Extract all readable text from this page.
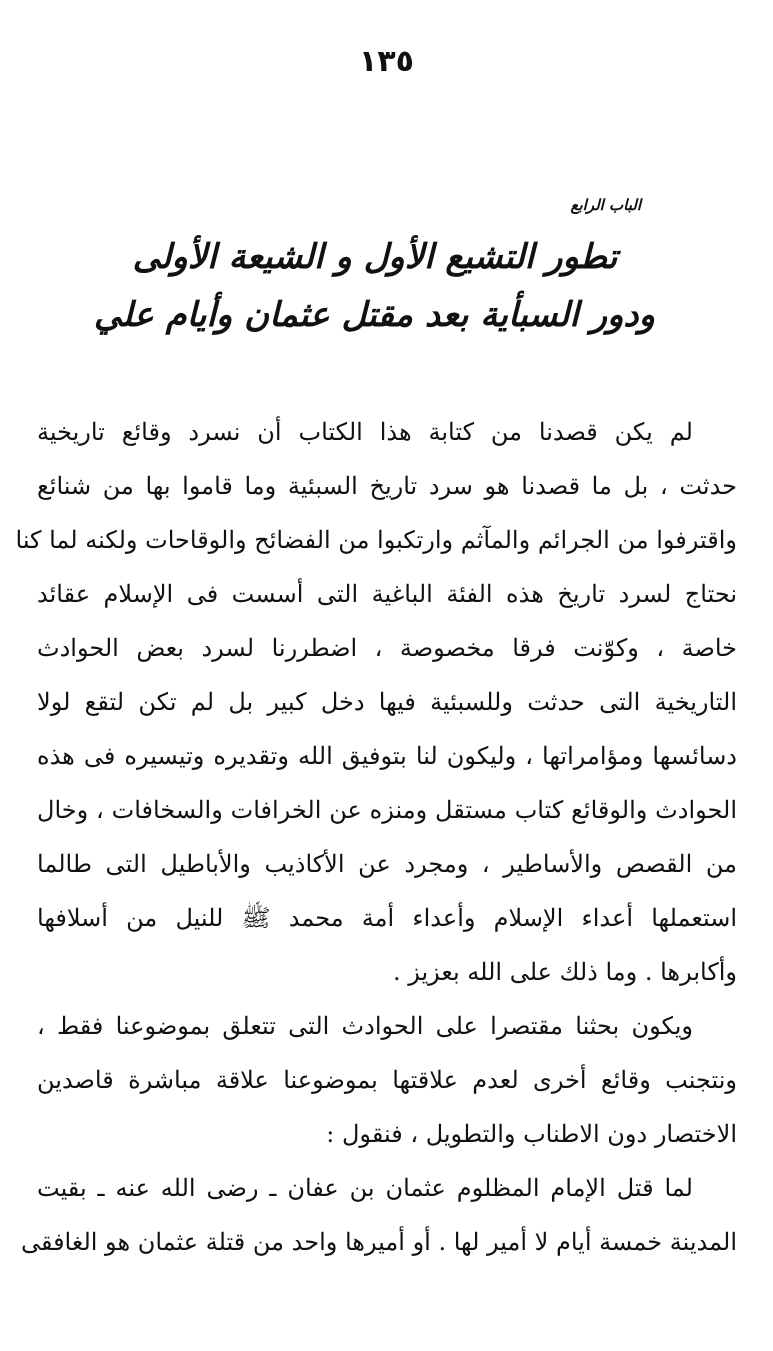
١٣٥
الباب الرابع
تطور التشيع الأول و الشيعة الأولى
ودور السبأية بعد مقتل عثمان وأيام علي
لم يكن قصدنا من كتابة هذا الكتاب أن نسرد وقائع تاريخية
حدثت ، بل ما قصدنا هو سرد تاريخ السبئية وما قاموا بها من شنائع
واقترفوا من الجرائم والمآثم وارتكبوا من الفضائح والوقاحات ولكنه لما كنا
نحتاج لسرد تاريخ هذه الفئة الباغية التى أسست فى الإسلام عقائد
خاصة ، وكوّنت فرقا مخصوصة ، اضطررنا لسرد بعض الحوادث
التاريخية التى حدثت وللسبئية فيها دخل كبير بل لم تكن لتقع لولا
دسائسها ومؤامراتها ، وليكون لنا بتوفيق الله وتقديره وتيسيره فى هذه
الحوادث والوقائع كتاب مستقل ومنزه عن الخرافات والسخافات ، وخال
من القصص والأساطير ، ومجرد عن الأكاذيب والأباطيل التى طالما
استعملها أعداء الإسلام وأعداء أمة محمد ﷺ للنيل من أسلافها
وأكابرها . وما ذلك على الله بعزيز .
ويكون بحثنا مقتصرا على الحوادث التى تتعلق بموضوعنا فقط ،
ونتجنب وقائع أخرى لعدم علاقتها بموضوعنا علاقة مباشرة قاصدين
الاختصار دون الاطناب والتطويل ، فنقول :
لما قتل الإمام المظلوم عثمان بن عفان ـ رضى الله عنه ـ بقيت
المدينة خمسة أيام لا أمير لها . أو أميرها واحد من قتلة عثمان هو الغافقى
